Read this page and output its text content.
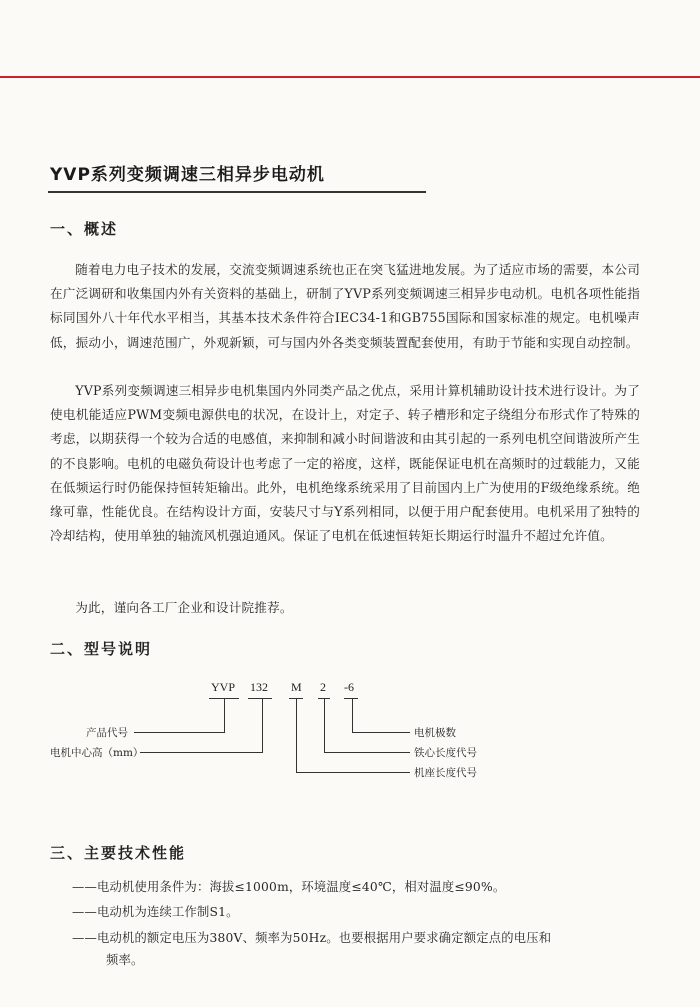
YVP系列变频调速三相异步电动机
一、概述

随着电力电子技术的发展，交流变频调速系统也正在突飞猛进地发展。为了适应市场的需要，本公司在广泛调研和收集国内外有关资料的基础上，研制了YVP系列变频调速三相异步电动机。电机各项性能指标同国外八十年代水平相当，其基本技术条件符合IEC34-1和GB755国际和国家标准的规定。电机噪声低，振动小，调速范围广，外观新颖，可与国内外各类变频装置配套使用，有助于节能和实现自动控制。

YVP系列变频调速三相异步电机集国内外同类产品之优点，采用计算机辅助设计技术进行设计。为了使电机能适应PWM变频电源供电的状况，在设计上，对定子、转子槽形和定子绕组分布形式作了特殊的考虑，以期获得一个较为合适的电感值，来抑制和减小时间谐波和由其引起的一系列电机空间谐波所产生的不良影响。电机的电磁负荷设计也考虑了一定的裕度，这样，既能保证电机在高频时的过载能力，又能在低频运行时仍能保持恒转矩输出。此外，电机绝缘系统采用了目前国内上广为使用的F级绝缘系统。绝缘可靠，性能优良。在结构设计方面，安装尺寸与Y系列相同，以便于用户配套使用。电机采用了独特的冷却结构，使用单独的轴流风机强迫通风。保证了电机在低速恒转矩长期运行时温升不超过允许值。

为此，谨向各工厂企业和设计院推荐。

二、型号说明
YVP 132 M 2 -6
产品代号
电机中心高（mm）
电机极数
铁心长度代号
机座长度代号
三、主要技术性能

——电动机使用条件为：海拔≤1000m，环境温度≤40℃，相对温度≤90%。

——电动机为连续工作制S1。

——电动机的额定电压为380V、频率为50Hz。也要根据用户要求确定额定点的电压和
频率。
